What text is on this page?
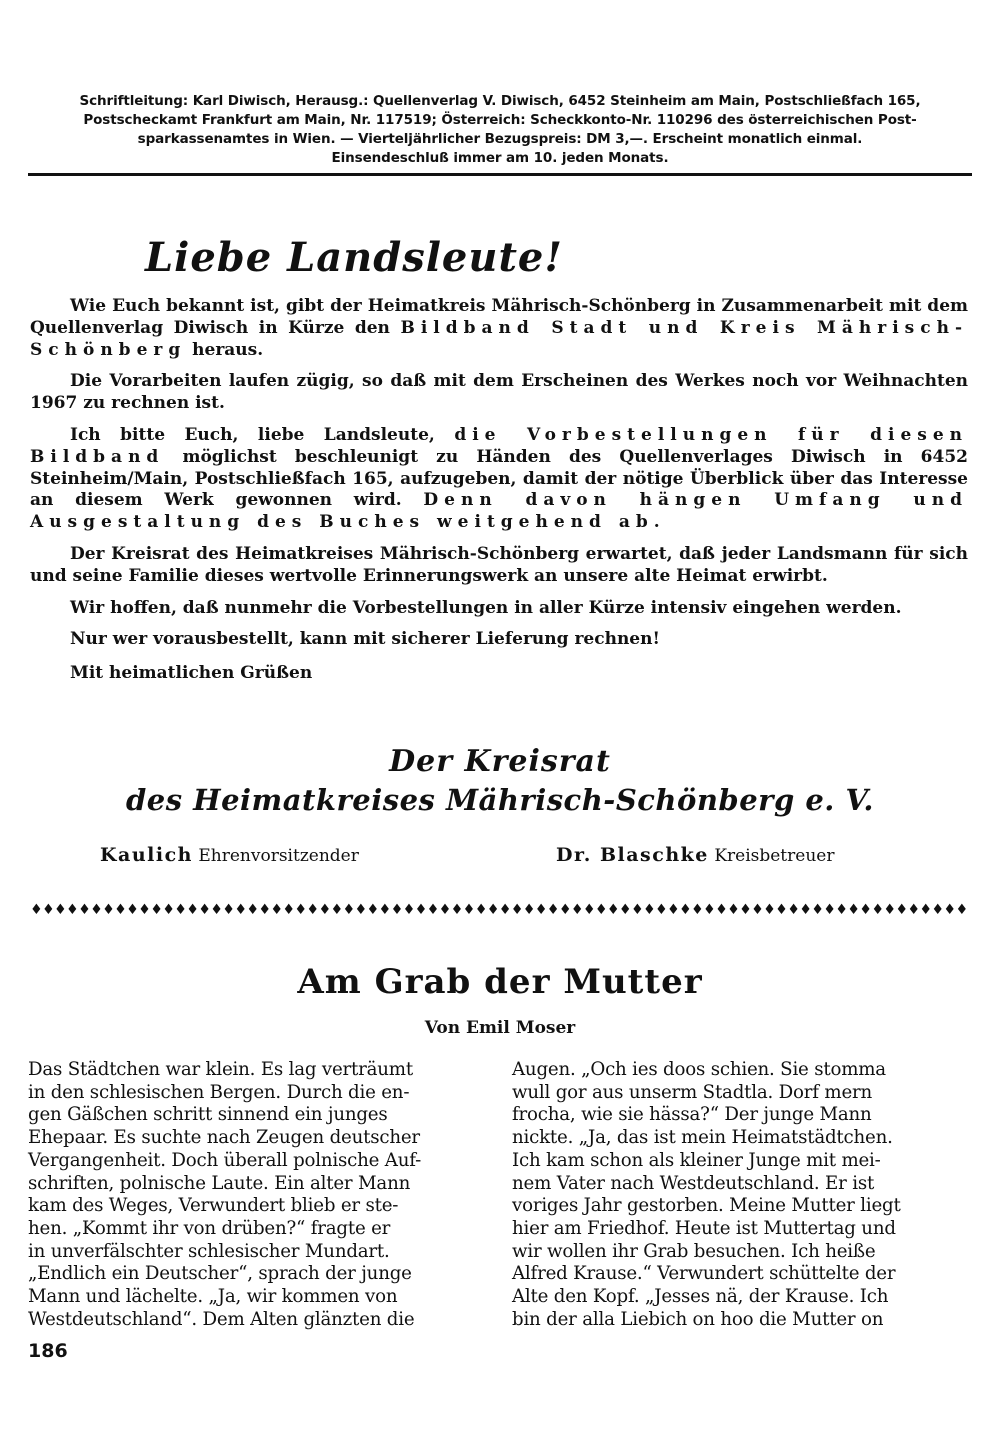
Schriftleitung: Karl Diwisch, Herausg.: Quellenverlag V. Diwisch, 6452 Steinheim am Main, Postschließfach 165,
Postscheckamt Frankfurt am Main, Nr. 117519; Österreich: Scheckkonto-Nr. 110296 des österreichischen Post-
sparkassenamtes in Wien. — Vierteljährlicher Bezugspreis: DM 3,—. Erscheint monatlich einmal.
Einsendeschluß immer am 10. jeden Monats.
Liebe Landsleute!

Wie Euch bekannt ist, gibt der Heimatkreis Mährisch-Schönberg in Zusammenarbeit mit dem Quellenverlag Diwisch in Kürze den Bildband Stadt und Kreis Mährisch-Schönberg heraus.

Die Vorarbeiten laufen zügig, so daß mit dem Erscheinen des Werkes noch vor Weihnachten 1967 zu rechnen ist.

Ich bitte Euch, liebe Landsleute, die Vorbestellungen für diesen Bildband möglichst beschleunigt zu Händen des Quellenverlages Diwisch in 6452 Steinheim/Main, Postschließfach 165, aufzugeben, damit der nötige Überblick über das Interesse an diesem Werk gewonnen wird. Denn davon hängen Umfang und Ausgestaltung des Buches weitgehend ab.

Der Kreisrat des Heimatkreises Mährisch-Schönberg erwartet, daß jeder Landsmann für sich und seine Familie dieses wertvolle Erinnerungswerk an unsere alte Heimat erwirbt.

Wir hoffen, daß nunmehr die Vorbestellungen in aller Kürze intensiv eingehen werden.

Nur wer vorausbestellt, kann mit sicherer Lieferung rechnen!

Mit heimatlichen Grüßen

Der Kreisrat
des Heimatkreises Mährisch-Schönberg e. V.
Kaulich Ehrenvorsitzender	Dr. Blaschke Kreisbetreuer
♦♦♦♦♦♦♦♦♦♦♦♦♦♦♦♦♦♦♦♦♦♦♦♦♦♦♦♦♦♦♦♦♦♦♦♦♦♦♦♦♦♦♦♦♦♦♦♦♦♦♦♦♦♦♦♦♦♦♦♦♦♦♦♦♦♦♦♦♦♦♦♦♦♦♦♦♦♦
Am Grab der Mutter
Von Emil Moser
Das Städtchen war klein. Es lag verträumt
in den schlesischen Bergen. Durch die en-
gen Gäßchen schritt sinnend ein junges
Ehepaar. Es suchte nach Zeugen deutscher
Vergangenheit. Doch überall polnische Auf-
schriften, polnische Laute. Ein alter Mann
kam des Weges, Verwundert blieb er ste-
hen. „Kommt ihr von drüben?“ fragte er
in unverfälschter schlesischer Mundart.
„Endlich ein Deutscher“, sprach der junge
Mann und lächelte. „Ja, wir kommen von
Westdeutschland“. Dem Alten glänzten die
Augen. „Och ies doos schien. Sie stomma
wull gor aus unserm Stadtla. Dorf mern
frocha, wie sie hässa?“ Der junge Mann
nickte. „Ja, das ist mein Heimatstädtchen.
Ich kam schon als kleiner Junge mit mei-
nem Vater nach Westdeutschland. Er ist
voriges Jahr gestorben. Meine Mutter liegt
hier am Friedhof. Heute ist Muttertag und
wir wollen ihr Grab besuchen. Ich heiße
Alfred Krause.“ Verwundert schüttelte der
Alte den Kopf. „Jesses nä, der Krause. Ich
bin der alla Liebich on hoo die Mutter on
186
